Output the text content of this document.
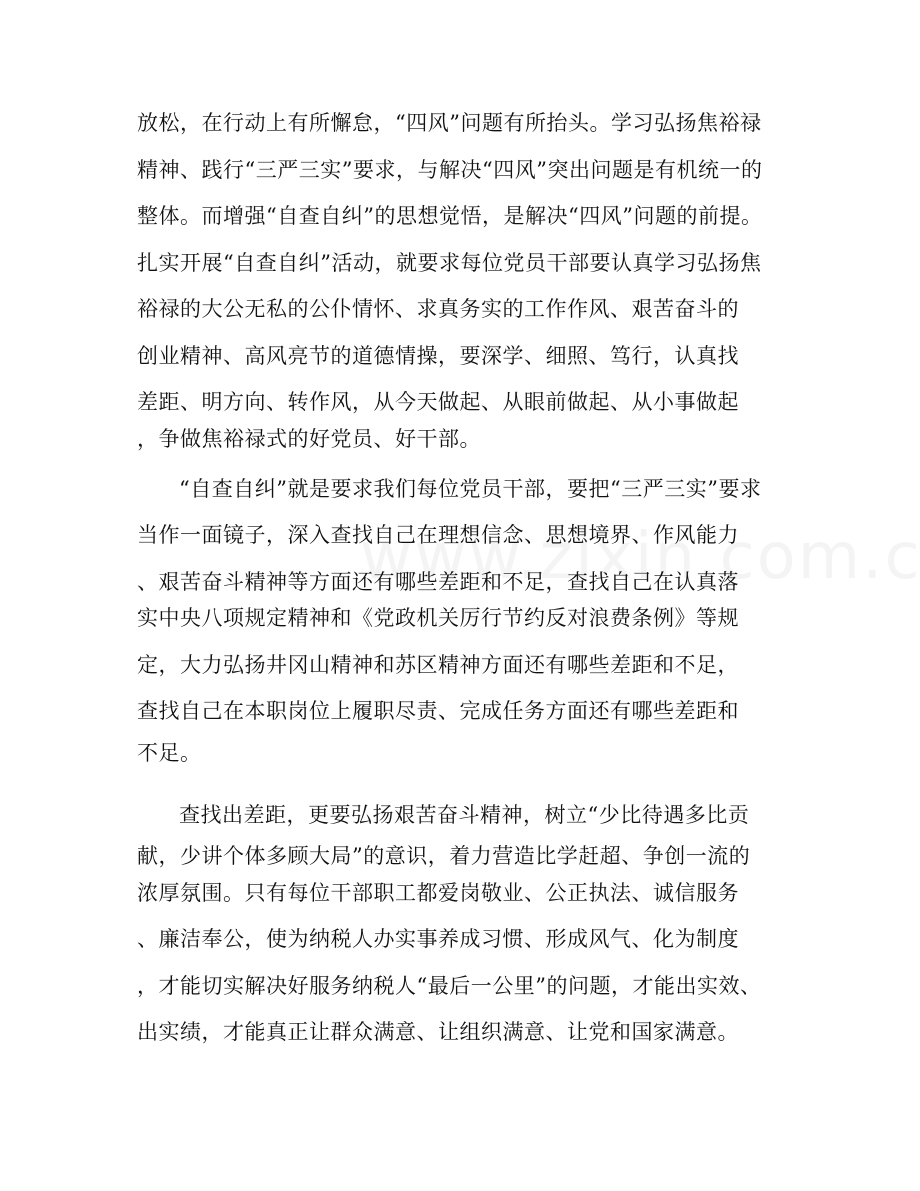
放松，在行动上有所懈怠，“四风”问题有所抬头。学习弘扬焦裕禄
精神、践行“三严三实”要求，与解决“四风”突出问题是有机统一的
整体。而增强“自查自纠”的思想觉悟，是解决“四风”问题的前提。
扎实开展“自查自纠”活动，就要求每位党员干部要认真学习弘扬焦
裕禄的大公无私的公仆情怀、求真务实的工作作风、艰苦奋斗的
创业精神、高风亮节的道德情操，要深学、细照、笃行，认真找
差距、明方向、转作风，从今天做起、从眼前做起、从小事做起
，争做焦裕禄式的好党员、好干部。
“自查自纠”就是要求我们每位党员干部，要把“三严三实”要求
当作一面镜子，深入查找自己在理想信念、思想境界、作风能力
、艰苦奋斗精神等方面还有哪些差距和不足，查找自己在认真落
实中央八项规定精神和《党政机关厉行节约反对浪费条例》等规
定，大力弘扬井冈山精神和苏区精神方面还有哪些差距和不足，
查找自己在本职岗位上履职尽责、完成任务方面还有哪些差距和
不足。
查找出差距，更要弘扬艰苦奋斗精神，树立“少比待遇多比贡
献，少讲个体多顾大局”的意识，着力营造比学赶超、争创一流的
浓厚氛围。只有每位干部职工都爱岗敬业、公正执法、诚信服务
、廉洁奉公，使为纳税人办实事养成习惯、形成风气、化为制度
，才能切实解决好服务纳税人“最后一公里”的问题，才能出实效、
出实绩，才能真正让群众满意、让组织满意、让党和国家满意。
